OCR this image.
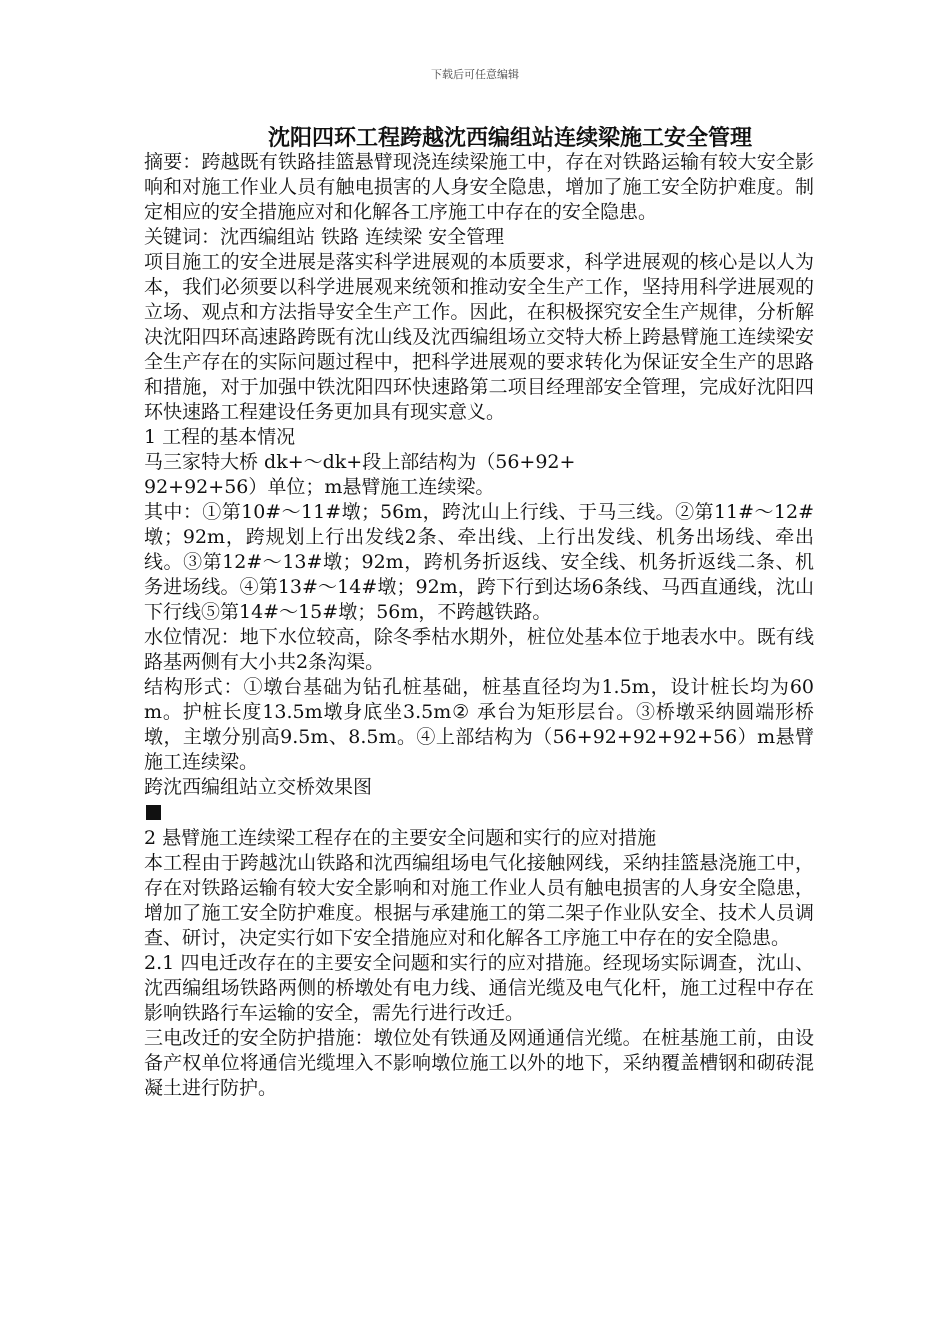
下载后可任意编辑
沈阳四环工程跨越沈西编组站连续梁施工安全管理

摘要：跨越既有铁路挂篮悬臂现浇连续梁施工中，存在对铁路运输有较大安全影响和对施工作业人员有触电损害的人身安全隐患，增加了施工安全防护难度。制定相应的安全措施应对和化解各工序施工中存在的安全隐患。

关键词：沈西编组站 铁路 连续梁 安全管理

项目施工的安全进展是落实科学进展观的本质要求，科学进展观的核心是以人为本，我们必须要以科学进展观来统领和推动安全生产工作，坚持用科学进展观的立场、观点和方法指导安全生产工作。因此，在积极探究安全生产规律，分析解决沈阳四环高速路跨既有沈山线及沈西编组场立交特大桥上跨悬臂施工连续梁安全生产存在的实际问题过程中，把科学进展观的要求转化为保证安全生产的思路和措施，对于加强中铁沈阳四环快速路第二项目经理部安全管理，完成好沈阳四环快速路工程建设任务更加具有现实意义。

1 工程的基本情况

马三家特大桥 dk+～dk+段上部结构为（56+92+

92+92+56）单位；m悬臂施工连续梁。

其中：①第10#～11#墩；56m，跨沈山上行线、于马三线。②第11#～12#墩；92m，跨规划上行出发线2条、牵出线、上行出发线、机务出场线、牵出线。③第12#～13#墩；92m，跨机务折返线、安全线、机务折返线二条、机务进场线。④第13#～14#墩；92m，跨下行到达场6条线、马西直通线，沈山下行线⑤第14#～15#墩；56m，不跨越铁路。

水位情况：地下水位较高，除冬季枯水期外，桩位处基本位于地表水中。既有线路基两侧有大小共2条沟渠。

结构形式：①墩台基础为钻孔桩基础，桩基直径均为1.5m，设计桩长均为60m。护桩长度13.5m墩身底坐3.5m② 承台为矩形层台。③桥墩采纳圆端形桥墩，主墩分别高9.5m、8.5m。④上部结构为（56+92+92+92+56）m悬臂施工连续梁。

跨沈西编组站立交桥效果图

2 悬臂施工连续梁工程存在的主要安全问题和实行的应对措施

本工程由于跨越沈山铁路和沈西编组场电气化接触网线，采纳挂篮悬浇施工中，存在对铁路运输有较大安全影响和对施工作业人员有触电损害的人身安全隐患，增加了施工安全防护难度。根据与承建施工的第二架子作业队安全、技术人员调查、研讨，决定实行如下安全措施应对和化解各工序施工中存在的安全隐患。

2.1 四电迁改存在的主要安全问题和实行的应对措施。经现场实际调查，沈山、沈西编组场铁路两侧的桥墩处有电力线、通信光缆及电气化杆，施工过程中存在影响铁路行车运输的安全，需先行进行改迁。

三电改迁的安全防护措施：墩位处有铁通及网通通信光缆。在桩基施工前，由设备产权单位将通信光缆埋入不影响墩位施工以外的地下，采纳覆盖槽钢和砌砖混凝土进行防护。
